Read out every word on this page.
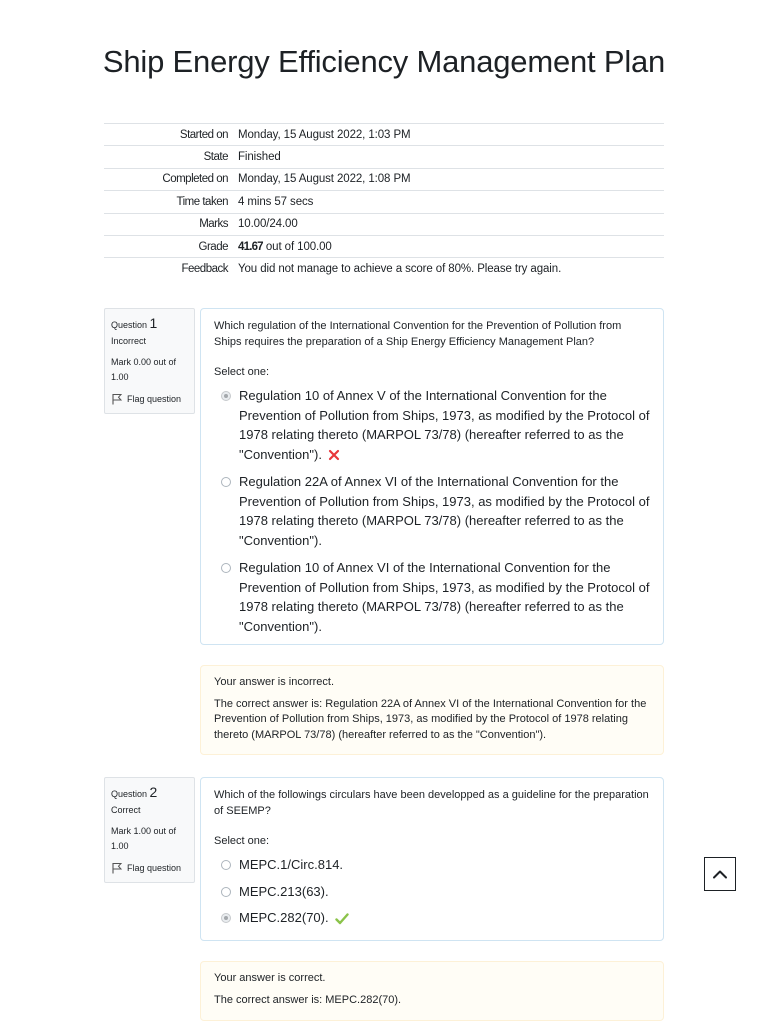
Ship Energy Efficiency Management Plan
Started on	Monday, 15 August 2022, 1:03 PM
State	Finished
Completed on	Monday, 15 August 2022, 1:08 PM
Time taken	4 mins 57 secs
Marks	10.00/24.00
Grade	41.67 out of 100.00
Feedback	You did not manage to achieve a score of 80%. Please try again.
Question 1
Incorrect
Mark 0.00 out of 1.00
Flag question

Which regulation of the International Convention for the Prevention of Pollution from Ships requires the preparation of a Ship Energy Efficiency Management Plan?

Select one:

Regulation 10 of Annex V of the International Convention for the Prevention of Pollution from Ships, 1973, as modified by the Protocol of 1978 relating thereto (MARPOL 73/78) (hereafter referred to as the "Convention").
Regulation 22A of Annex VI of the International Convention for the Prevention of Pollution from Ships, 1973, as modified by the Protocol of 1978 relating thereto (MARPOL 73/78) (hereafter referred to as the "Convention").
Regulation 10 of Annex VI of the International Convention for the Prevention of Pollution from Ships, 1973, as modified by the Protocol of 1978 relating thereto (MARPOL 73/78) (hereafter referred to as the "Convention").

Your answer is incorrect.

The correct answer is: Regulation 22A of Annex VI of the International Convention for the Prevention of Pollution from Ships, 1973, as modified by the Protocol of 1978 relating thereto (MARPOL 73/78) (hereafter referred to as the "Convention").

Question 2
Correct
Mark 1.00 out of 1.00
Flag question

Which of the followings circulars have been developped as a guideline for the preparation of SEEMP?

Select one:

MEPC.1/Circ.814.
MEPC.213(63).
MEPC.282(70).

Your answer is correct.

The correct answer is: MEPC.282(70).
